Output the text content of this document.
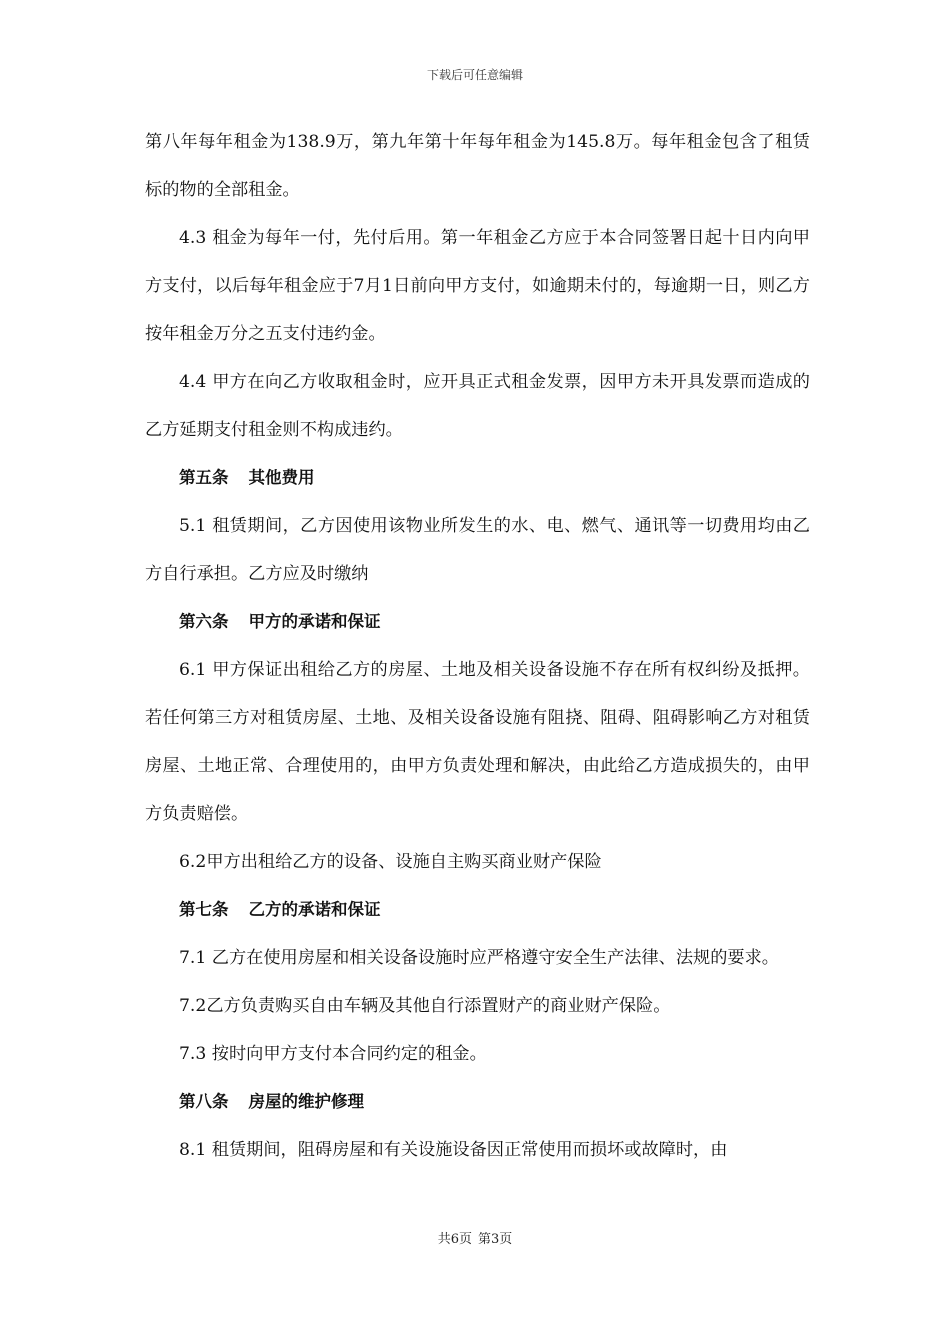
下载后可任意编辑

第八年每年租金为138.9万，第九年第十年每年租金为145.8万。每年租金包含了租赁标的物的全部租金。

4.3 租金为每年一付，先付后用。第一年租金乙方应于本合同签署日起十日内向甲方支付，以后每年租金应于7月1日前向甲方支付，如逾期未付的，每逾期一日，则乙方按年租金万分之五支付违约金。

4.4 甲方在向乙方收取租金时，应开具正式租金发票，因甲方未开具发票而造成的乙方延期支付租金则不构成违约。

第五条 其他费用

5.1 租赁期间，乙方因使用该物业所发生的水、电、燃气、通讯等一切费用均由乙方自行承担。乙方应及时缴纳

第六条 甲方的承诺和保证

6.1 甲方保证出租给乙方的房屋、土地及相关设备设施不存在所有权纠纷及抵押。若任何第三方对租赁房屋、土地、及相关设备设施有阻挠、阻碍、阻碍影响乙方对租赁房屋、土地正常、合理使用的，由甲方负责处理和解决，由此给乙方造成损失的，由甲方负责赔偿。

6.2甲方出租给乙方的设备、设施自主购买商业财产保险

第七条 乙方的承诺和保证

7.1 乙方在使用房屋和相关设备设施时应严格遵守安全生产法律、法规的要求。

7.2乙方负责购买自由车辆及其他自行添置财产的商业财产保险。

7.3 按时向甲方支付本合同约定的租金。

第八条 房屋的维护修理

8.1 租赁期间，阻碍房屋和有关设施设备因正常使用而损坏或故障时，由

共6页 第3页
